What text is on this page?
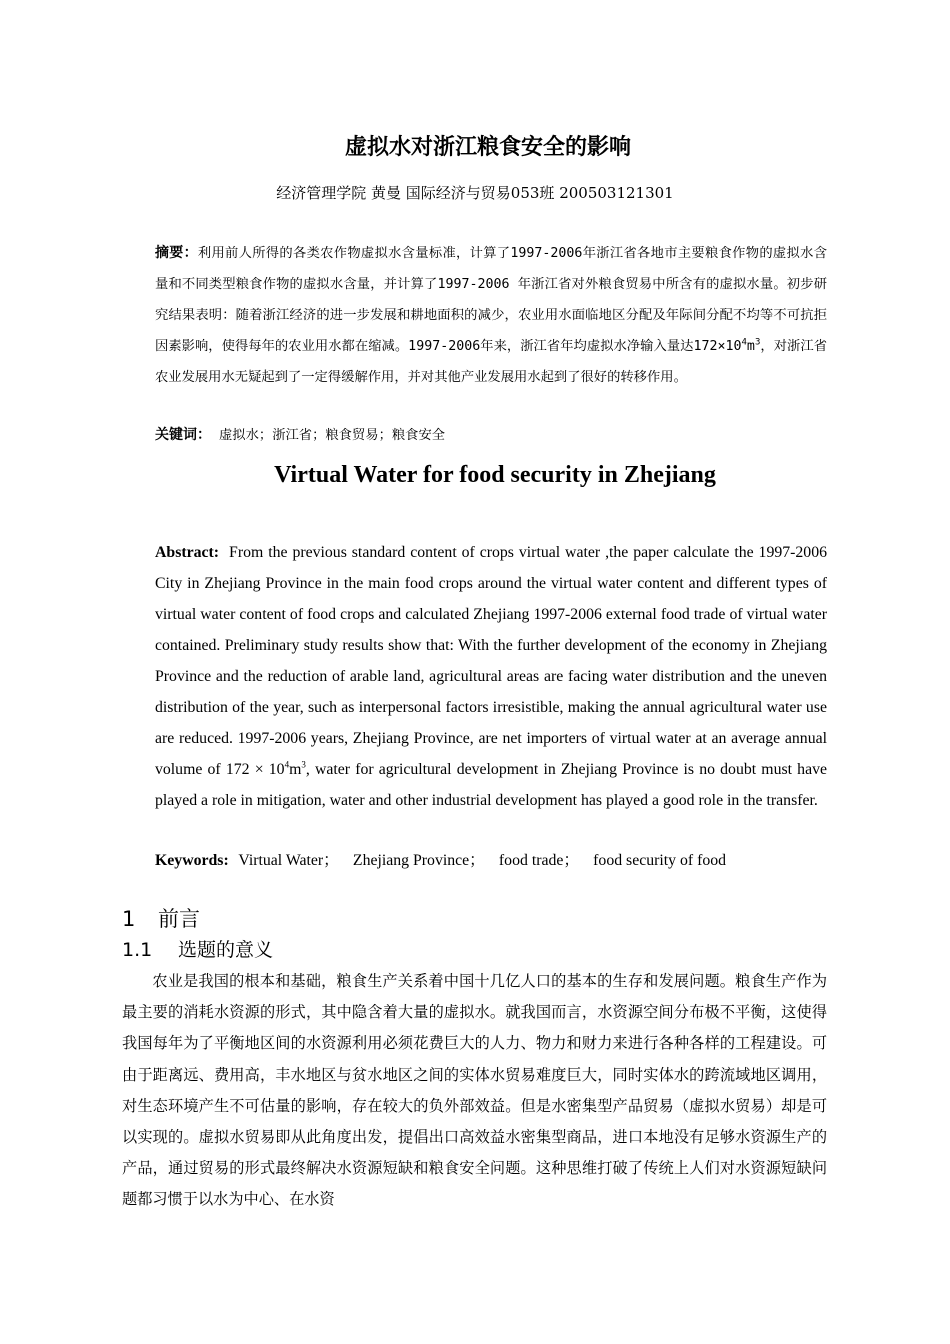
虚拟水对浙江粮食安全的影响
经济管理学院 黄曼 国际经济与贸易053班 200503121301
摘要：利用前人所得的各类农作物虚拟水含量标准，计算了1997-2006年浙江省各地市主要粮食作物的虚拟水含量和不同类型粮食作物的虚拟水含量，并计算了1997-2006 年浙江省对外粮食贸易中所含有的虚拟水量。初步研究结果表明：随着浙江经济的进一步发展和耕地面积的减少，农业用水面临地区分配及年际间分配不均等不可抗拒因素影响，使得每年的农业用水都在缩减。1997-2006年来，浙江省年均虚拟水净输入量达$172\times 10^4m^3$，对浙江省农业发展用水无疑起到了一定得缓解作用，并对其他产业发展用水起到了很好的转移作用。
关键词： 虚拟水；浙江省；粮食贸易；粮食安全
Virtual Water for food security in Zhejiang
Abstract: From the previous standard content of crops virtual water ,the paper calculate the 1997-2006 City in Zhejiang Province in the main food crops around the virtual water content and different types of virtual water content of food crops and calculated Zhejiang 1997-2006 external food trade of virtual water contained. Preliminary study results show that: With the further development of the economy in Zhejiang Province and the reduction of arable land, agricultural areas are facing water distribution and the uneven distribution of the year, such as interpersonal factors irresistible, making the annual agricultural water use are reduced. 1997-2006 years, Zhejiang Province, are net importers of virtual water at an average annual volume of $172 \times 10^4m^3$, water for agricultural development in Zhejiang Province is no doubt must have played a role in mitigation, water and other industrial development has played a good role in the transfer.
Keywords: Virtual Water； Zhejiang Province； food trade； food security of food
1 前言
1.1 选题的意义
农业是我国的根本和基础，粮食生产关系着中国十几亿人口的基本的生存和发展问题。粮食生产作为最主要的消耗水资源的形式，其中隐含着大量的虚拟水。就我国而言，水资源空间分布极不平衡，这使得我国每年为了平衡地区间的水资源利用必须花费巨大的人力、物力和财力来进行各种各样的工程建设。可由于距离远、费用高，丰水地区与贫水地区之间的实体水贸易难度巨大，同时实体水的跨流域地区调用，对生态环境产生不可估量的影响，存在较大的负外部效益。但是水密集型产品贸易（虚拟水贸易）却是可以实现的。虚拟水贸易即从此角度出发，提倡出口高效益水密集型商品，进口本地没有足够水资源生产的产品，通过贸易的形式最终解决水资源短缺和粮食安全问题。这种思维打破了传统上人们对水资源短缺问题都习惯于以水为中心、在水资
